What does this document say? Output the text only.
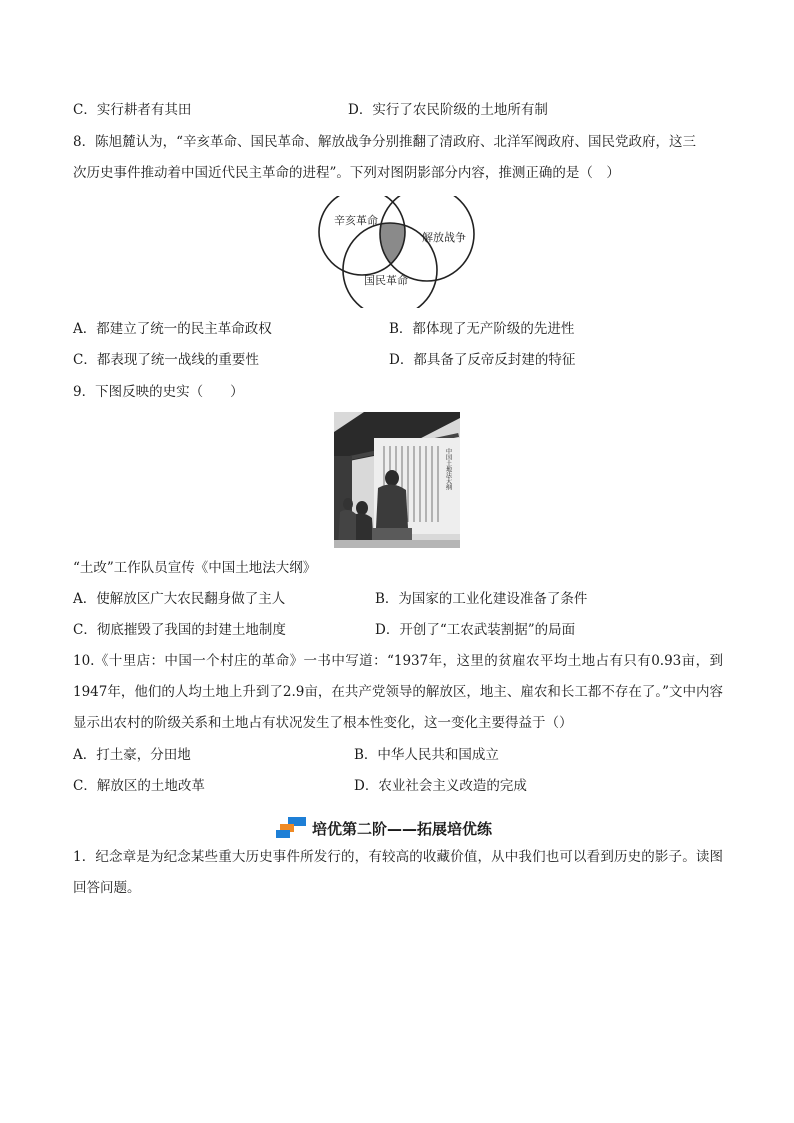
C．实行耕者有其田	D．实行了农民阶级的土地所有制
8．陈旭麓认为，“辛亥革命、国民革命、解放战争分别推翻了清政府、北洋军阀政府、国民党政府，这三
次历史事件推动着中国近代民主革命的进程”。下列对图阴影部分内容，推测正确的是（　）
辛亥革命
解放战争
国民革命
A．都建立了统一的民主革命政权	B．都体现了无产阶级的先进性
C．都表现了统一战线的重要性	D．都具备了反帝反封建的特征
9．下图反映的史实（　　）
中国土地法大纲
“土改”工作队员宣传《中国土地法大纲》
A．使解放区广大农民翻身做了主人	B．为国家的工业化建设准备了条件
C．彻底摧毁了我国的封建土地制度	D．开创了“工农武装割据”的局面
10.《十里店：中国一个村庄的革命》一书中写道：“1937年，这里的贫雇农平均土地占有只有0.93亩，到1947年，他们的人均土地上升到了2.9亩，在共产党领导的解放区，地主、雇农和长工都不存在了。”文中内容显示出农村的阶级关系和土地占有状况发生了根本性变化，这一变化主要得益于（）
A．打土豪，分田地	B．中华人民共和国成立
C．解放区的土地改革	D．农业社会主义改造的完成
培优第二阶——拓展培优练
1．纪念章是为纪念某些重大历史事件所发行的，有较高的收藏价值，从中我们也可以看到历史的影子。读图回答问题。
